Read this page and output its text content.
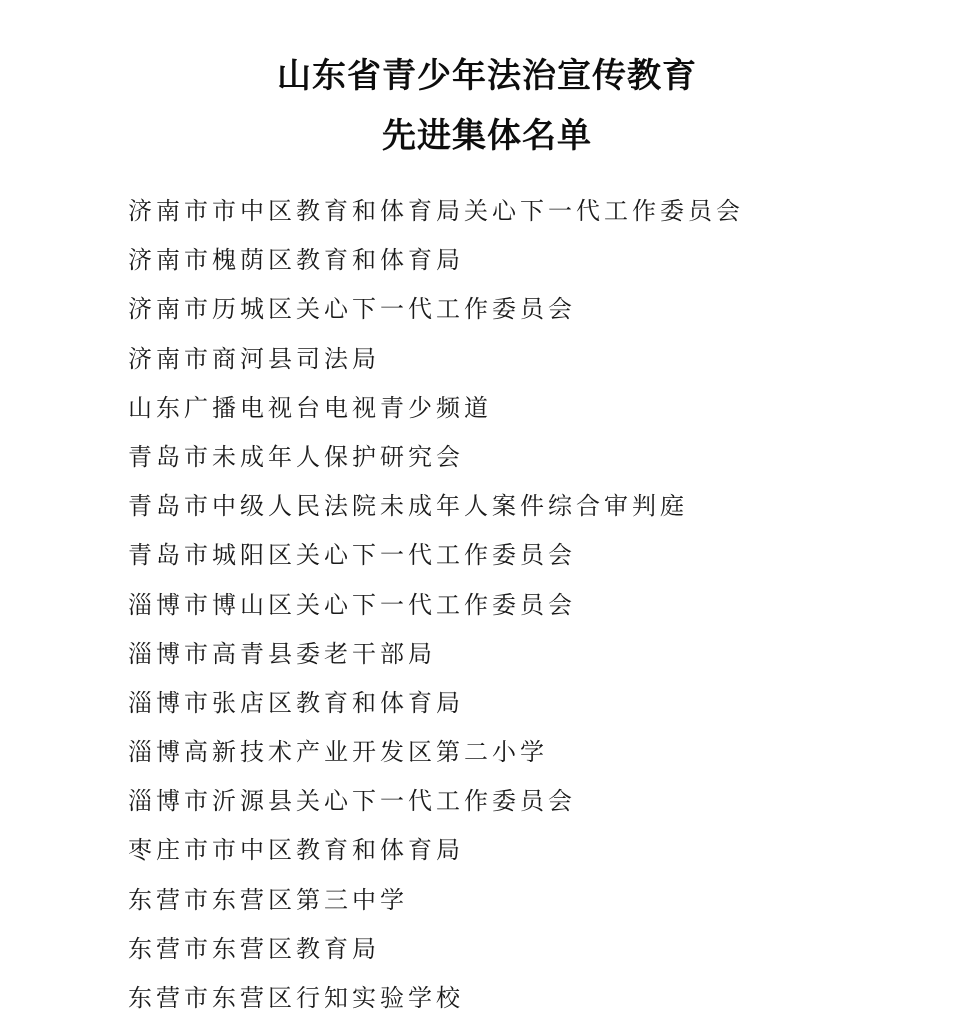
山东省青少年法治宣传教育
先进集体名单
济南市市中区教育和体育局关心下一代工作委员会
济南市槐荫区教育和体育局
济南市历城区关心下一代工作委员会
济南市商河县司法局
山东广播电视台电视青少频道
青岛市未成年人保护研究会
青岛市中级人民法院未成年人案件综合审判庭
青岛市城阳区关心下一代工作委员会
淄博市博山区关心下一代工作委员会
淄博市高青县委老干部局
淄博市张店区教育和体育局
淄博高新技术产业开发区第二小学
淄博市沂源县关心下一代工作委员会
枣庄市市中区教育和体育局
东营市东营区第三中学
东营市东营区教育局
东营市东营区行知实验学校
